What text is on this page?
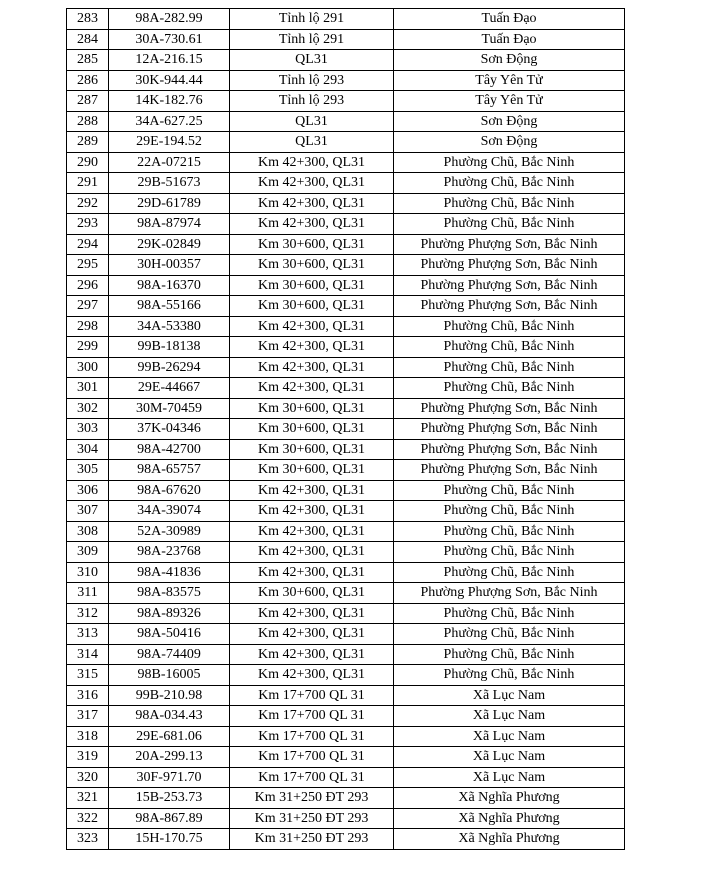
283	98A-282.99	Tỉnh lộ 291	Tuấn Đạo
284	30A-730.61	Tỉnh lộ 291	Tuấn Đạo
285	12A-216.15	QL31	Sơn Động
286	30K-944.44	Tỉnh lộ 293	Tây Yên Tử
287	14K-182.76	Tỉnh lộ 293	Tây Yên Tử
288	34A-627.25	QL31	Sơn Động
289	29E-194.52	QL31	Sơn Động
290	22A-07215	Km 42+300, QL31	Phường Chũ, Bắc Ninh
291	29B-51673	Km 42+300, QL31	Phường Chũ, Bắc Ninh
292	29D-61789	Km 42+300, QL31	Phường Chũ, Bắc Ninh
293	98A-87974	Km 42+300, QL31	Phường Chũ, Bắc Ninh
294	29K-02849	Km 30+600, QL31	Phường Phượng Sơn, Bắc Ninh
295	30H-00357	Km 30+600, QL31	Phường Phượng Sơn, Bắc Ninh
296	98A-16370	Km 30+600, QL31	Phường Phượng Sơn, Bắc Ninh
297	98A-55166	Km 30+600, QL31	Phường Phượng Sơn, Bắc Ninh
298	34A-53380	Km 42+300, QL31	Phường Chũ, Bắc Ninh
299	99B-18138	Km 42+300, QL31	Phường Chũ, Bắc Ninh
300	99B-26294	Km 42+300, QL31	Phường Chũ, Bắc Ninh
301	29E-44667	Km 42+300, QL31	Phường Chũ, Bắc Ninh
302	30M-70459	Km 30+600, QL31	Phường Phượng Sơn, Bắc Ninh
303	37K-04346	Km 30+600, QL31	Phường Phượng Sơn, Bắc Ninh
304	98A-42700	Km 30+600, QL31	Phường Phượng Sơn, Bắc Ninh
305	98A-65757	Km 30+600, QL31	Phường Phượng Sơn, Bắc Ninh
306	98A-67620	Km 42+300, QL31	Phường Chũ, Bắc Ninh
307	34A-39074	Km 42+300, QL31	Phường Chũ, Bắc Ninh
308	52A-30989	Km 42+300, QL31	Phường Chũ, Bắc Ninh
309	98A-23768	Km 42+300, QL31	Phường Chũ, Bắc Ninh
310	98A-41836	Km 42+300, QL31	Phường Chũ, Bắc Ninh
311	98A-83575	Km 30+600, QL31	Phường Phượng Sơn, Bắc Ninh
312	98A-89326	Km 42+300, QL31	Phường Chũ, Bắc Ninh
313	98A-50416	Km 42+300, QL31	Phường Chũ, Bắc Ninh
314	98A-74409	Km 42+300, QL31	Phường Chũ, Bắc Ninh
315	98B-16005	Km 42+300, QL31	Phường Chũ, Bắc Ninh
316	99B-210.98	Km 17+700 QL 31	Xã Lục Nam
317	98A-034.43	Km 17+700 QL 31	Xã Lục Nam
318	29E-681.06	Km 17+700 QL 31	Xã Lục Nam
319	20A-299.13	Km 17+700 QL 31	Xã Lục Nam
320	30F-971.70	Km 17+700 QL 31	Xã Lục Nam
321	15B-253.73	Km 31+250 ĐT 293	Xã Nghĩa Phương
322	98A-867.89	Km 31+250 ĐT 293	Xã Nghĩa Phương
323	15H-170.75	Km 31+250 ĐT 293	Xã Nghĩa Phương
